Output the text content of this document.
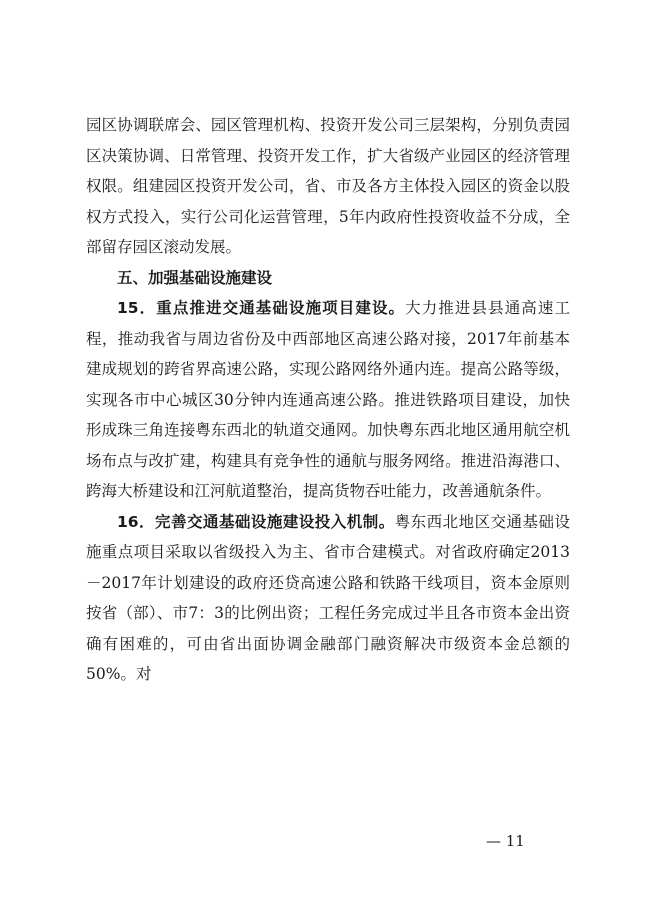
园区协调联席会、园区管理机构、投资开发公司三层架构，分别负责园区决策协调、日常管理、投资开发工作，扩大省级产业园区的经济管理权限。组建园区投资开发公司，省、市及各方主体投入园区的资金以股权方式投入，实行公司化运营管理，5年内政府性投资收益不分成，全部留存园区滚动发展。

五、加强基础设施建设

15．重点推进交通基础设施项目建设。大力推进县县通高速工程，推动我省与周边省份及中西部地区高速公路对接，2017年前基本建成规划的跨省界高速公路，实现公路网络外通内连。提高公路等级，实现各市中心城区30分钟内连通高速公路。推进铁路项目建设，加快形成珠三角连接粤东西北的轨道交通网。加快粤东西北地区通用航空机场布点与改扩建，构建具有竞争性的通航与服务网络。推进沿海港口、跨海大桥建设和江河航道整治，提高货物吞吐能力，改善通航条件。

16．完善交通基础设施建设投入机制。粤东西北地区交通基础设施重点项目采取以省级投入为主、省市合建模式。对省政府确定2013－2017年计划建设的政府还贷高速公路和铁路干线项目，资本金原则按省（部）、市7：3的比例出资；工程任务完成过半且各市资本金出资确有困难的，可由省出面协调金融部门融资解决市级资本金总额的50%。对

— 11
